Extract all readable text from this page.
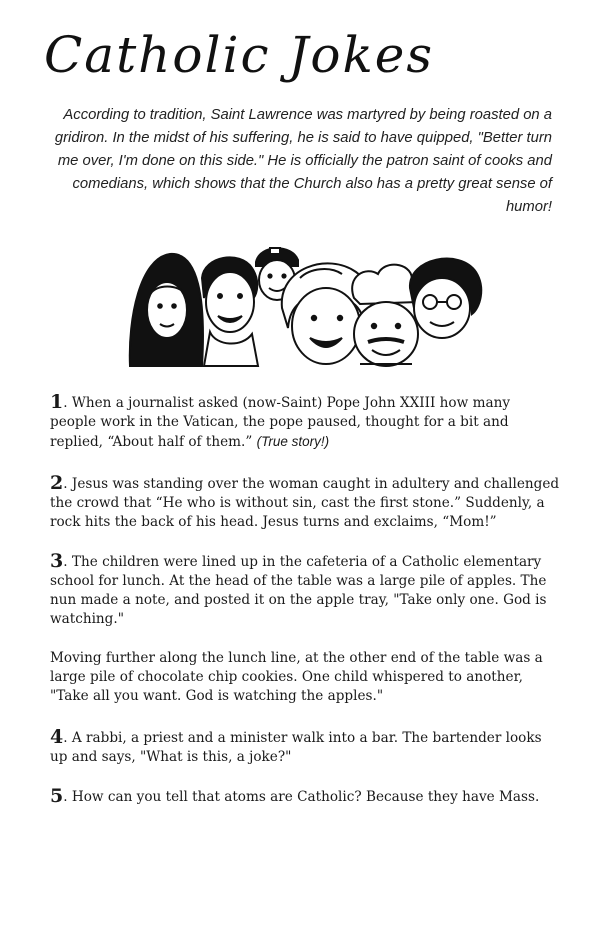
Catholic Jokes
According to tradition, Saint Lawrence was martyred by being roasted on a gridiron. In the midst of his suffering, he is said to have quipped, "Better turn me over, I'm done on this side." He is officially the patron saint of cooks and comedians, which shows that the Church also has a pretty great sense of humor!

1. When a journalist asked (now-Saint) Pope John XXIII how many people work in the Vatican, the pope paused, thought for a bit and replied, “About half of them.” (True story!)

2. Jesus was standing over the woman caught in adultery and challenged the crowd that “He who is without sin, cast the first stone.” Suddenly, a rock hits the back of his head. Jesus turns and exclaims, “Mom!”

3. The children were lined up in the cafeteria of a Catholic elementary school for lunch. At the head of the table was a large pile of apples. The nun made a note, and posted it on the apple tray, "Take only one. God is watching."

Moving further along the lunch line, at the other end of the table was a large pile of chocolate chip cookies. One child whispered to another, "Take all you want. God is watching the apples."

4. A rabbi, a priest and a minister walk into a bar. The bartender looks up and says, "What is this, a joke?"

5. How can you tell that atoms are Catholic? Because they have Mass.
